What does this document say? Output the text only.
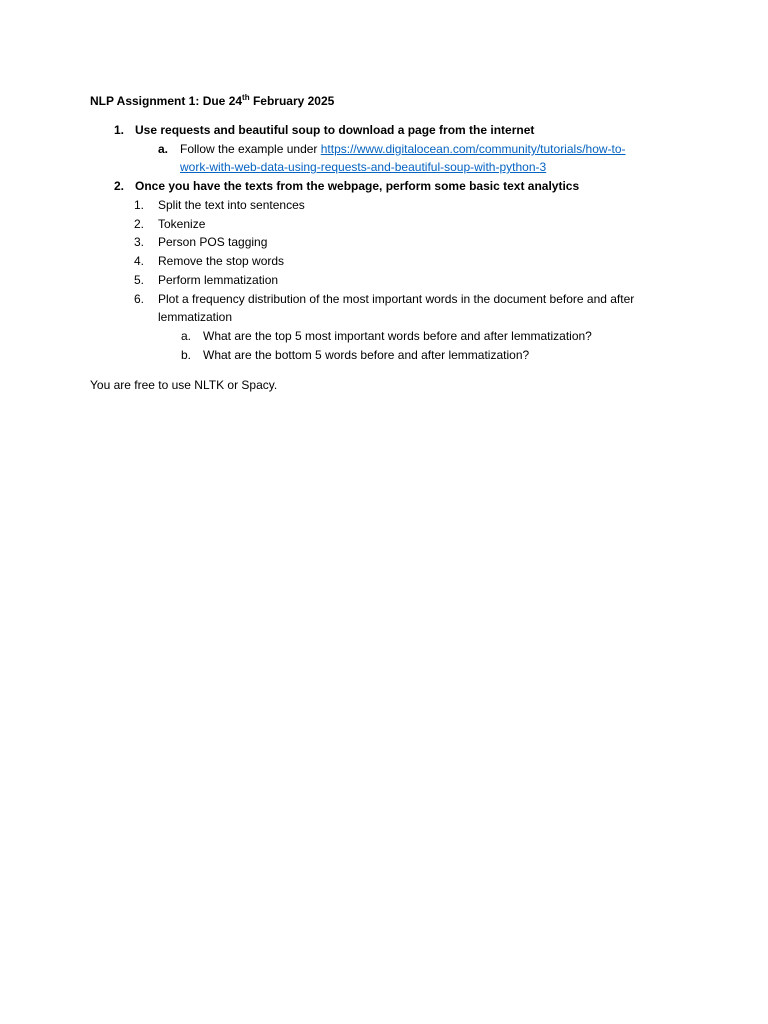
NLP Assignment 1: Due 24th February 2025
1. Use requests and beautiful soup to download a page from the internet
a. Follow the example under https://www.digitalocean.com/community/tutorials/how-to-
work-with-web-data-using-requests-and-beautiful-soup-with-python-3
2. Once you have the texts from the webpage, perform some basic text analytics
1. Split the text into sentences
2. Tokenize
3. Person POS tagging
4. Remove the stop words
5. Perform lemmatization
6. Plot a frequency distribution of the most important words in the document before and after
lemmatization
a. What are the top 5 most important words before and after lemmatization?
b. What are the bottom 5 words before and after lemmatization?
You are free to use NLTK or Spacy.
